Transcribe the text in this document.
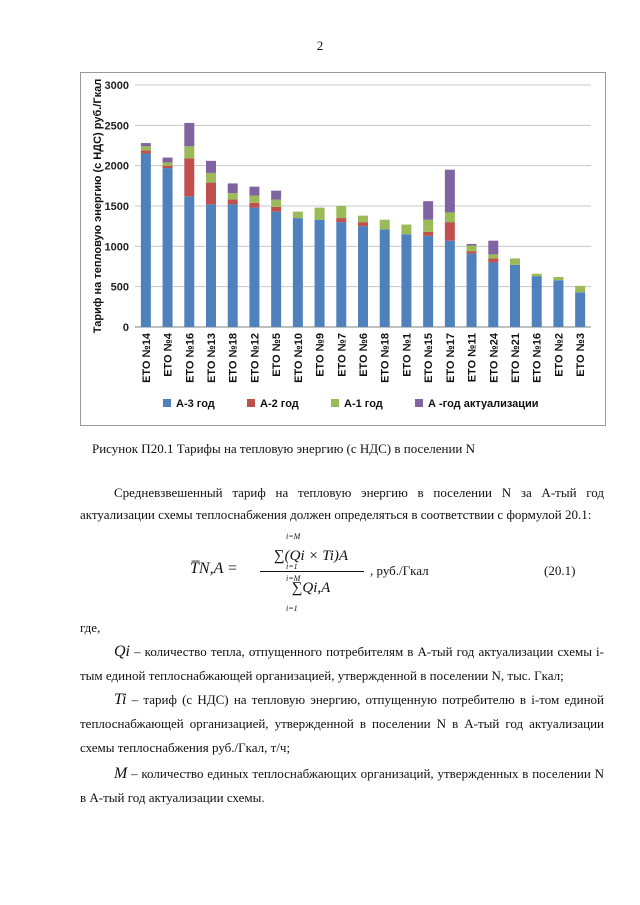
2
0
500
1000
1500
2000
2500
3000
Тариф на тепловую энергию (с НДС) руб./Гкал
ЕТО №14 ЕТО №4 ЕТО №16 ЕТО №13 ЕТО №18 ЕТО №12 ЕТО №5 ЕТО №10 ЕТО №9 ЕТО №7 ЕТО №6 ЕТО №18 ЕТО №1 ЕТО №15 ЕТО №17 ЕТО №11 ЕТО №24 ЕТО №21 ЕТО №16 ЕТО №2 ЕТО №3
А-3 год	А-2 год	А-1 год	А -год актуализации
Рисунок П20.1 Тарифы на тепловую энергию (с НДС) в поселении N
Средневзвешенный тариф на тепловую энергию в поселении N за А-тый год актуализации схемы теплоснабжения должен определяться в соответствии с формулой 20.1:
T̅N,A =
i=M
∑(Qi × Ti)A
i=1
i=M
∑Qi,A
i=1
, руб./Гкал	(20.1)
где,
Qi – количество тепла, отпущенного потребителям в А-тый год актуализации схемы i-тым единой теплоснабжающей организацией, утвержденной в поселении N, тыс. Гкал;
Ti – тариф (с НДС) на тепловую энергию, отпущенную потребителю в i-том единой теплоснабжающей организацией, утвержденной в поселении N в А-тый год актуализации схемы теплоснабжения руб./Гкал, т/ч;
M – количество единых теплоснабжающих организаций, утвержденных в поселении N в А-тый год актуализации схемы.
